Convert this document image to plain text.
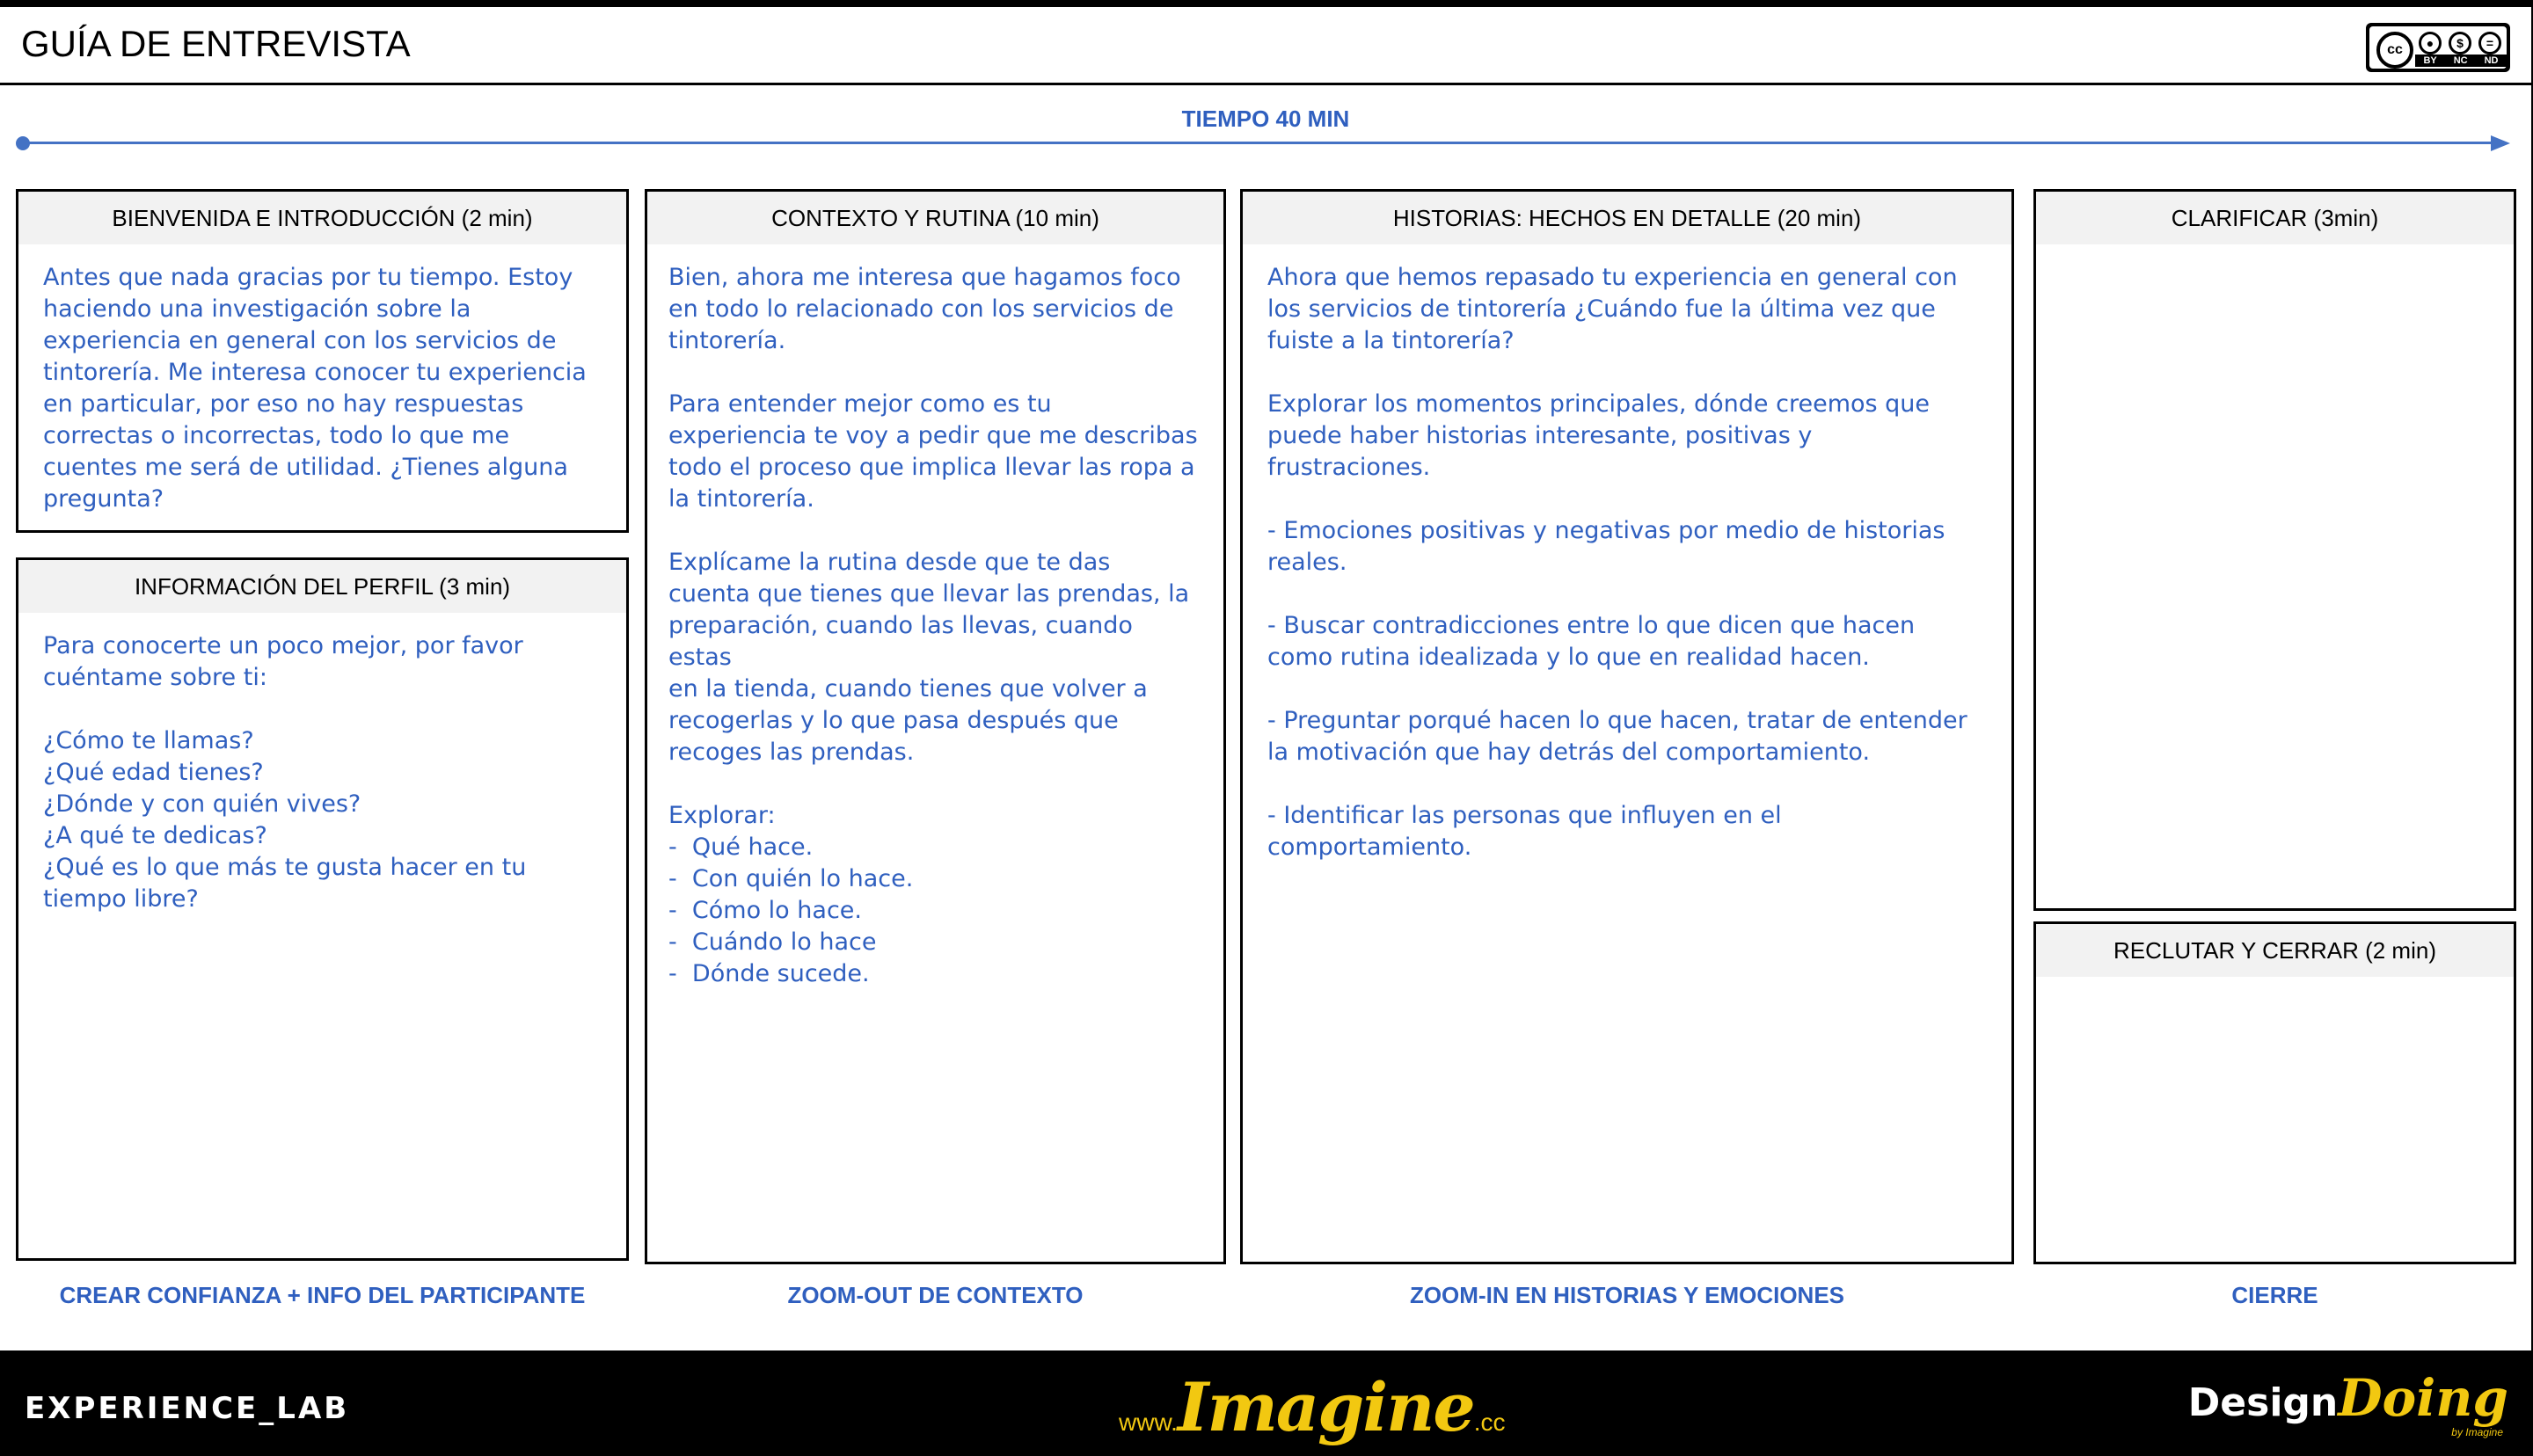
GUÍA DE ENTREVISTA	cc	●	$	=
BY NC ND
TIEMPO 40 MIN
BIENVENIDA E INTRODUCCIÓN (2 min)
Antes que nada gracias por tu tiempo. Estoy
haciendo una investigación sobre la
experiencia en general con los servicios de
tintorería. Me interesa conocer tu experiencia
en particular, por eso no hay respuestas
correctas o incorrectas, todo lo que me
cuentes me será de utilidad. ¿Tienes alguna
pregunta?
INFORMACIÓN DEL PERFIL (3 min)
Para conocerte un poco mejor, por favor
cuéntame sobre ti:

¿Cómo te llamas?
¿Qué edad tienes?
¿Dónde y con quién vives?
¿A qué te dedicas?
¿Qué es lo que más te gusta hacer en tu
tiempo libre?
CONTEXTO Y RUTINA (10 min)
Bien, ahora me interesa que hagamos foco
en todo lo relacionado con los servicios de
tintorería.

Para entender mejor como es tu
experiencia te voy a pedir que me describas
todo el proceso que implica llevar las ropa a
la tintorería.

Explícame la rutina desde que te das
cuenta que tienes que llevar las prendas, la
preparación, cuando las llevas, cuando estas
en la tienda, cuando tienes que volver a
recogerlas y lo que pasa después que
recoges las prendas.

Explorar:
-  Qué hace.
-  Con quién lo hace.
-  Cómo lo hace.
-  Cuándo lo hace
-  Dónde sucede.
HISTORIAS: HECHOS EN DETALLE (20 min)
Ahora que hemos repasado tu experiencia en general con
los servicios de tintorería ¿Cuándo fue la última vez que
fuiste a la tintorería?

Explorar los momentos principales, dónde creemos que
puede haber historias interesante, positivas y
frustraciones.

- Emociones positivas y negativas por medio de historias
reales.

- Buscar contradicciones entre lo que dicen que hacen
como rutina idealizada y lo que en realidad hacen.

- Preguntar porqué hacen lo que hacen, tratar de entender
la motivación que hay detrás del comportamiento.

- Identificar las personas que influyen en el
comportamiento.
CLARIFICAR (3min)
RECLUTAR Y CERRAR (2 min)
CREAR CONFIANZA + INFO DEL PARTICIPANTE	ZOOM-OUT DE CONTEXTO	ZOOM-IN EN HISTORIAS Y EMOCIONES	CIERRE
EXPERIENCE_LAB	www.Imagine.cc	DesignDoing
by Imagine
